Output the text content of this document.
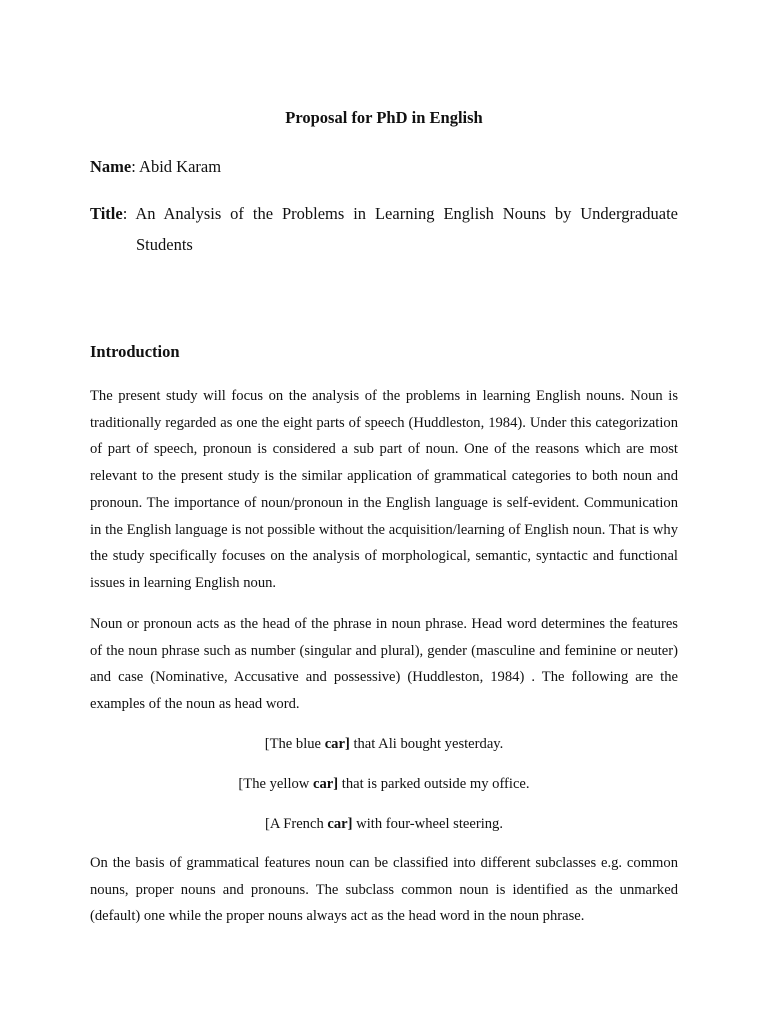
Proposal for PhD in English
Name: Abid Karam
Title: An Analysis of the Problems in Learning English Nouns by Undergraduate
Students
Introduction

The present study will focus on the analysis of the problems in learning English nouns. Noun is traditionally regarded as one the eight parts of speech (Huddleston, 1984). Under this categorization of part of speech, pronoun is considered a sub part of noun. One of the reasons which are most relevant to the present study is the similar application of grammatical categories to both noun and pronoun. The importance of noun/pronoun in the English language is self-evident. Communication in the English language is not possible without the acquisition/learning of English noun. That is why the study specifically focuses on the analysis of morphological, semantic, syntactic and functional issues in learning English noun.

Noun or pronoun acts as the head of the phrase in noun phrase. Head word determines the features of the noun phrase such as number (singular and plural), gender (masculine and feminine or neuter) and case (Nominative, Accusative and possessive) (Huddleston, 1984) . The following are the examples of the noun as head word.

[The blue car] that Ali bought yesterday.
[The yellow car] that is parked outside my office.
[A French car] with four-wheel steering.

On the basis of grammatical features noun can be classified into different subclasses e.g. common nouns, proper nouns and pronouns. The subclass common noun is identified as the unmarked (default) one while the proper nouns always act as the head word in the noun phrase.
